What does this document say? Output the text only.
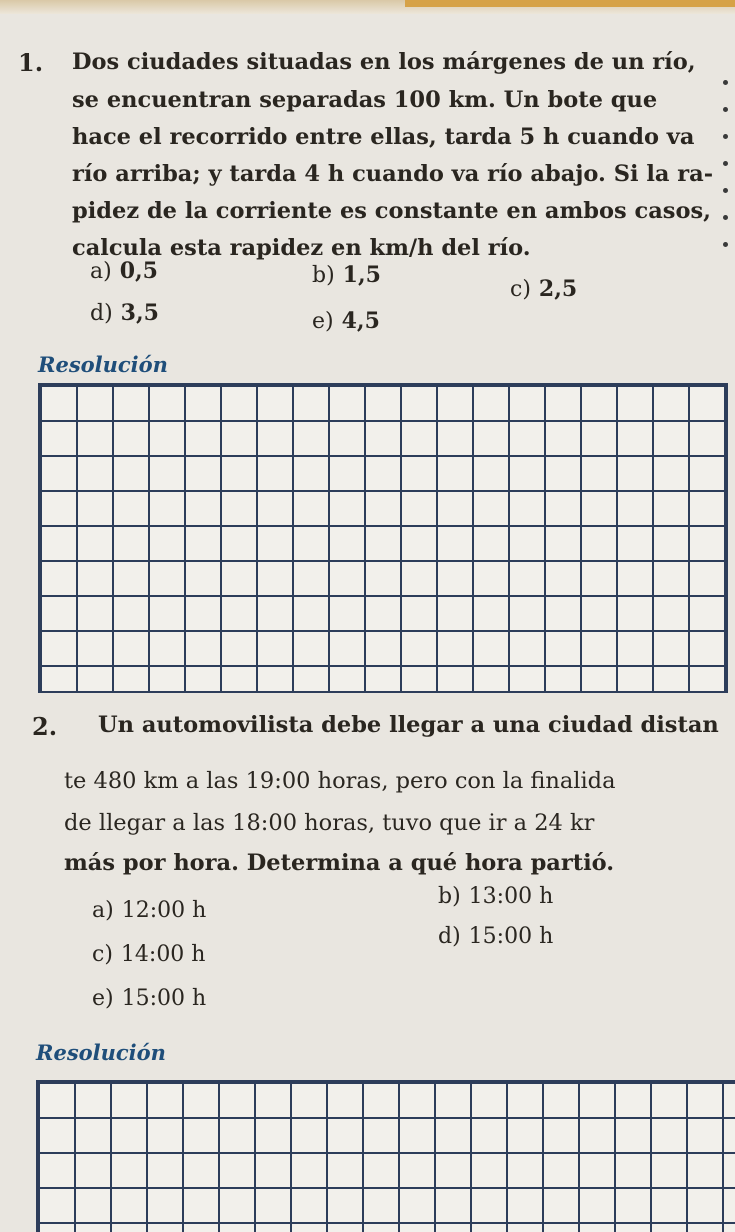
1. Dos ciudades situadas en los márgenes de un río,
se encuentran separadas 100 km. Un bote que
hace el recorrido entre ellas, tarda 5 h cuando va
río arriba; y tarda 4 h cuando va río abajo. Si la ra-
pidez de la corriente es constante en ambos casos,
calcula esta rapidez en km/h del río.
a) 0,5	b) 1,5
c) 2,5
d) 3,5	e) 4,5
Resolución
2. Un automovilista debe llegar a una ciudad distan
te 480 km a las 19:00 horas, pero con la finalida
de llegar a las 18:00 horas, tuvo que ir a 24 kr
más por hora. Determina a qué hora partió.
a) 12:00 h
b) 13:00 h
c) 14:00 h
d) 15:00 h
e) 15:00 h
Resolución
